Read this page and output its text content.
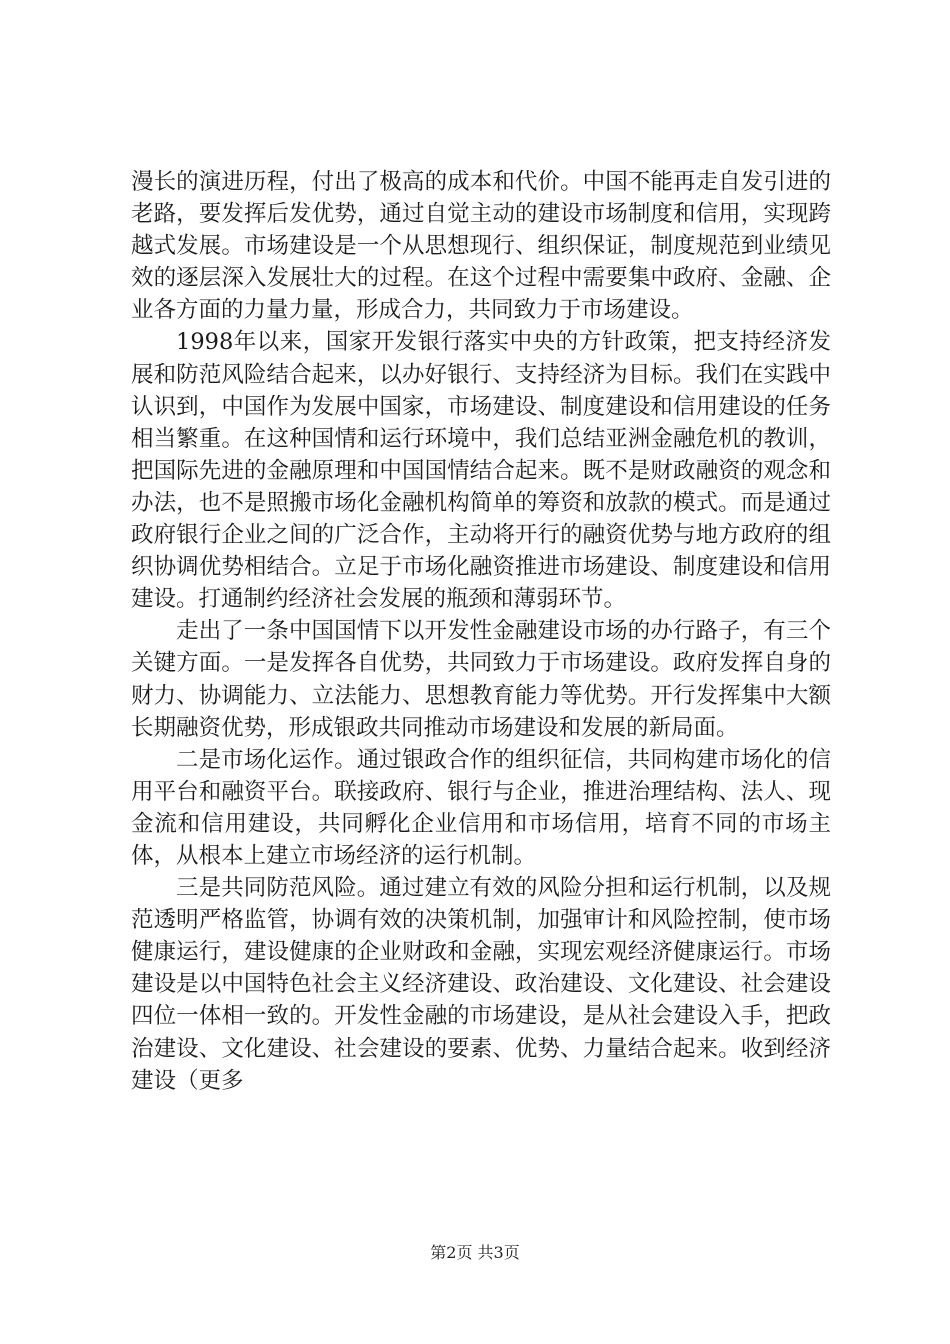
漫长的演进历程，付出了极高的成本和代价。中国不能再走自发引进的老路，要发挥后发优势，通过自觉主动的建设市场制度和信用，实现跨越式发展。市场建设是一个从思想现行、组织保证，制度规范到业绩见效的逐层深入发展壮大的过程。在这个过程中需要集中政府、金融、企业各方面的力量力量，形成合力，共同致力于市场建设。

1998年以来，国家开发银行落实中央的方针政策，把支持经济发展和防范风险结合起来，以办好银行、支持经济为目标。我们在实践中认识到，中国作为发展中国家，市场建设、制度建设和信用建设的任务相当繁重。在这种国情和运行环境中，我们总结亚洲金融危机的教训，把国际先进的金融原理和中国国情结合起来。既不是财政融资的观念和办法，也不是照搬市场化金融机构简单的筹资和放款的模式。而是通过政府银行企业之间的广泛合作，主动将开行的融资优势与地方政府的组织协调优势相结合。立足于市场化融资推进市场建设、制度建设和信用建设。打通制约经济社会发展的瓶颈和薄弱环节。

走出了一条中国国情下以开发性金融建设市场的办行路子，有三个关键方面。一是发挥各自优势，共同致力于市场建设。政府发挥自身的财力、协调能力、立法能力、思想教育能力等优势。开行发挥集中大额长期融资优势，形成银政共同推动市场建设和发展的新局面。

二是市场化运作。通过银政合作的组织征信，共同构建市场化的信用平台和融资平台。联接政府、银行与企业，推进治理结构、法人、现金流和信用建设，共同孵化企业信用和市场信用，培育不同的市场主体，从根本上建立市场经济的运行机制。

三是共同防范风险。通过建立有效的风险分担和运行机制，以及规范透明严格监管，协调有效的决策机制，加强审计和风险控制，使市场健康运行，建设健康的企业财政和金融，实现宏观经济健康运行。市场建设是以中国特色社会主义经济建设、政治建设、文化建设、社会建设四位一体相一致的。开发性金融的市场建设，是从社会建设入手，把政治建设、文化建设、社会建设的要素、优势、力量结合起来。收到经济建设（更多

第2页 共3页
